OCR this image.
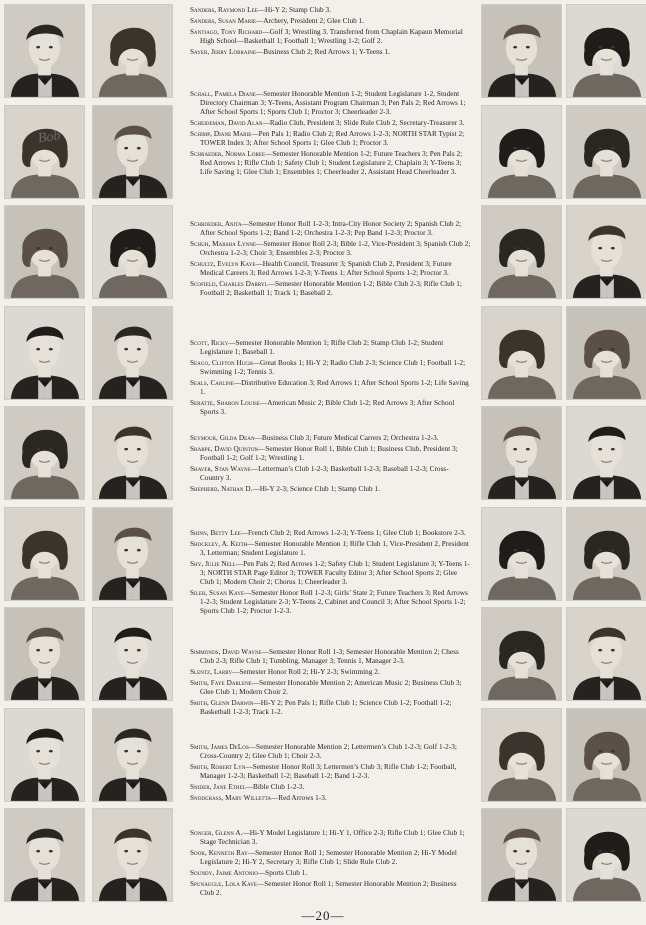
Bob
Sanders, Raymond Lee—Hi-Y 2; Stamp Club 3.
Sanders, Susan Marie—Archery, President 2; Glee Club 1.
Santiago, Tony Richard—Golf 3; Wrestling 3. Transferred from Chaplain Kapaun Memorial High School—Basketball 1; Football 1; Wrestling 1-2; Golf 2.
Sayer, Jerry Lorraine—Business Club 2; Red Arrows 1; Y-Teens 1.
Schall, Pamela Diane—Semester Honorable Mention 1-2; Student Legislature 1-2, Student Directory Chairman 3; Y-Teens, Assistant Program Chairman 3; Pen Pals 2; Red Arrows 1; After School Sports 1; Sports Club 1; Proctor 3; Cheerleader 2-3.
Scheideman, David Alan—Radio Club, President 3; Slide Rule Club 2, Secretary-Treasurer 3.
Schimp, Diane Marie—Pen Pals 1; Radio Club 2; Red Arrows 1-2-3; NORTH STAR Typist 2; TOWER Index 3; After School Sports 1; Glee Club 1; Proctor 3.
Schraeder, Norma Loree—Semester Honorable Mention 1-2; Future Teachers 3; Pen Pals 2; Red Arrows 1; Rifle Club 1; Safety Club 1; Student Legislature 2, Chaplain 3; Y-Teens 3; Life Saving 1; Glee Club 1; Ensembles 1; Cheerleader 2, Assistant Head Cheerleader 3.
Schroeder, Anita—Semester Honor Roll 1-2-3; Intra-City Honor Society 2; Spanish Club 2; After School Sports 1-2; Band 1-2; Orchestra 1-2-3; Pep Band 1-2-3; Proctor 3.
Schuh, Marsha Lynne—Semester Honor Roll 2-3; Bible 1-2, Vice-President 3; Spanish Club 2; Orchestra 1-2-3; Choir 3; Ensembles 2-3; Proctor 3.
Schultz, Evelyn Kaye—Health Council, Treasurer 3; Spanish Club 2, President 3; Future Medical Careers 3; Red Arrows 1-2-3; Y-Teens 1; After School Sports 1-2; Proctor 3.
Scofield, Charles Darryl—Semester Honorable Mention 1-2; Bible Club 2-3; Rifle Club 1; Football 2; Basketball 1; Track 1; Baseball 2.
Scott, Ricky—Semester Honorable Mention 1; Rifle Club 2; Stamp Club 1-2; Student Legislature 1; Baseball 1.
Seago, Clifton Hugh—Great Books 1; Hi-Y 2; Radio Club 2-3; Science Club 1; Football 1-2; Swimming 1-2; Tennis 3.
Seals, Carline—Distributive Education 3; Red Arrows 1; After School Sports 1-2; Life Saving 1.
Seratte, Sharon Louise—American Music 2; Bible Club 1-2; Red Arrows 3; After School Sports 3.
Seymour, Gilda Dean—Business Club 3; Future Medical Carrers 2; Orchestra 1-2-3.
Sharpe, David Quinton—Semester Honor Roll 1, Bible Club 1; Business Club, President 3; Football 1-2; Golf 1-2; Wrestling 1.
Shaver, Stan Wayne—Letterman’s Club 1-2-3; Basketball 1-2-3; Baseball 1-2-3; Cross-Country 3.
Shepherd, Nathan D.—Hi-Y 2-3; Science Club 1; Stamp Club 1.
Shinn, Betty Lee—French Club 2; Red Arrows 1-2-3; Y-Teens 1; Glee Club 1; Bookstore 2-3.
Shockley, A. Keith—Semester Honorable Mention 1; Rifle Club 1, Vice-President 2, President 3, Letterman; Student Legislature 1.
Shy, Julie Nell—Pen Pals 2; Red Arrows 1-2; Safety Club 1; Student Legislature 3; Y-Teens 1-3; NORTH STAR Page Editor 3; TOWER Faculty Editor 3; After School Sports 2; Glee Club 1; Modern Choir 2; Chorus 1; Cheerleader 3.
Siler, Susan Kaye—Semester Honor Roll 1-2-3; Girls’ State 2; Future Teachers 3; Red Arrows 1-2-3; Student Legislature 2-3; Y-Teens 2, Cabinet and Council 3; After School Sports 1-2; Sports Club 1-2; Proctor 1-2-3.
Simmonds, David Wayne—Semester Honor Roll 1-3; Semester Honorable Mention 2; Chess Club 2-3; Rifle Club 1; Tumbling, Manager 3; Tennis 1, Manager 2-3.
Slentz, Larry—Semester Honor Roll 2; Hi-Y 2-3; Swimming 2.
Smith, Faye Darlene—Semester Honorable Mention 2; American Music 2; Business Club 3; Glee Club 1; Modern Choir 2.
Smith, Glenn Darwin—Hi-Y 2; Pen Pals 1; Rifle Club 1; Science Club 1-2; Football 1-2; Basketball 1-2-3; Track 1-2.
Smith, James DeLos—Semester Honorable Mention 2; Lettermen’s Club 1-2-3; Golf 1-2-3; Cross-Country 2; Glee Club 1; Choir 2-3.
Smith, Robert Lyn—Semester Honor Roll 3; Lettermen’s Club 3; Rifle Club 1-2; Football, Manager 1-2-3; Basketball 1-2; Baseball 1-2; Band 1-2-3.
Snider, Jane Ethel—Bible Club 1-2-3.
Snodgrass, Mary Willetta—Red Arrows 1-3.
Songer, Glenn A.—Hi-Y Model Legislature 1; Hi-Y 1, Office 2-3; Rifle Club 1; Glee Club 1; Stage Technician 3.
Sook, Kenneth Ray—Semester Honor Roll 1; Semester Honorable Mention 2; Hi-Y Model Legislature 2; Hi-Y 2, Secretary 3; Rifle Club 1; Slide Rule Club 2.
Soundy, Jaime Antonio—Sports Club 1.
Spunaugle, Lola Kaye—Semester Honor Roll 1; Semester Honorable Mention 2; Business Club 2.
—20—
